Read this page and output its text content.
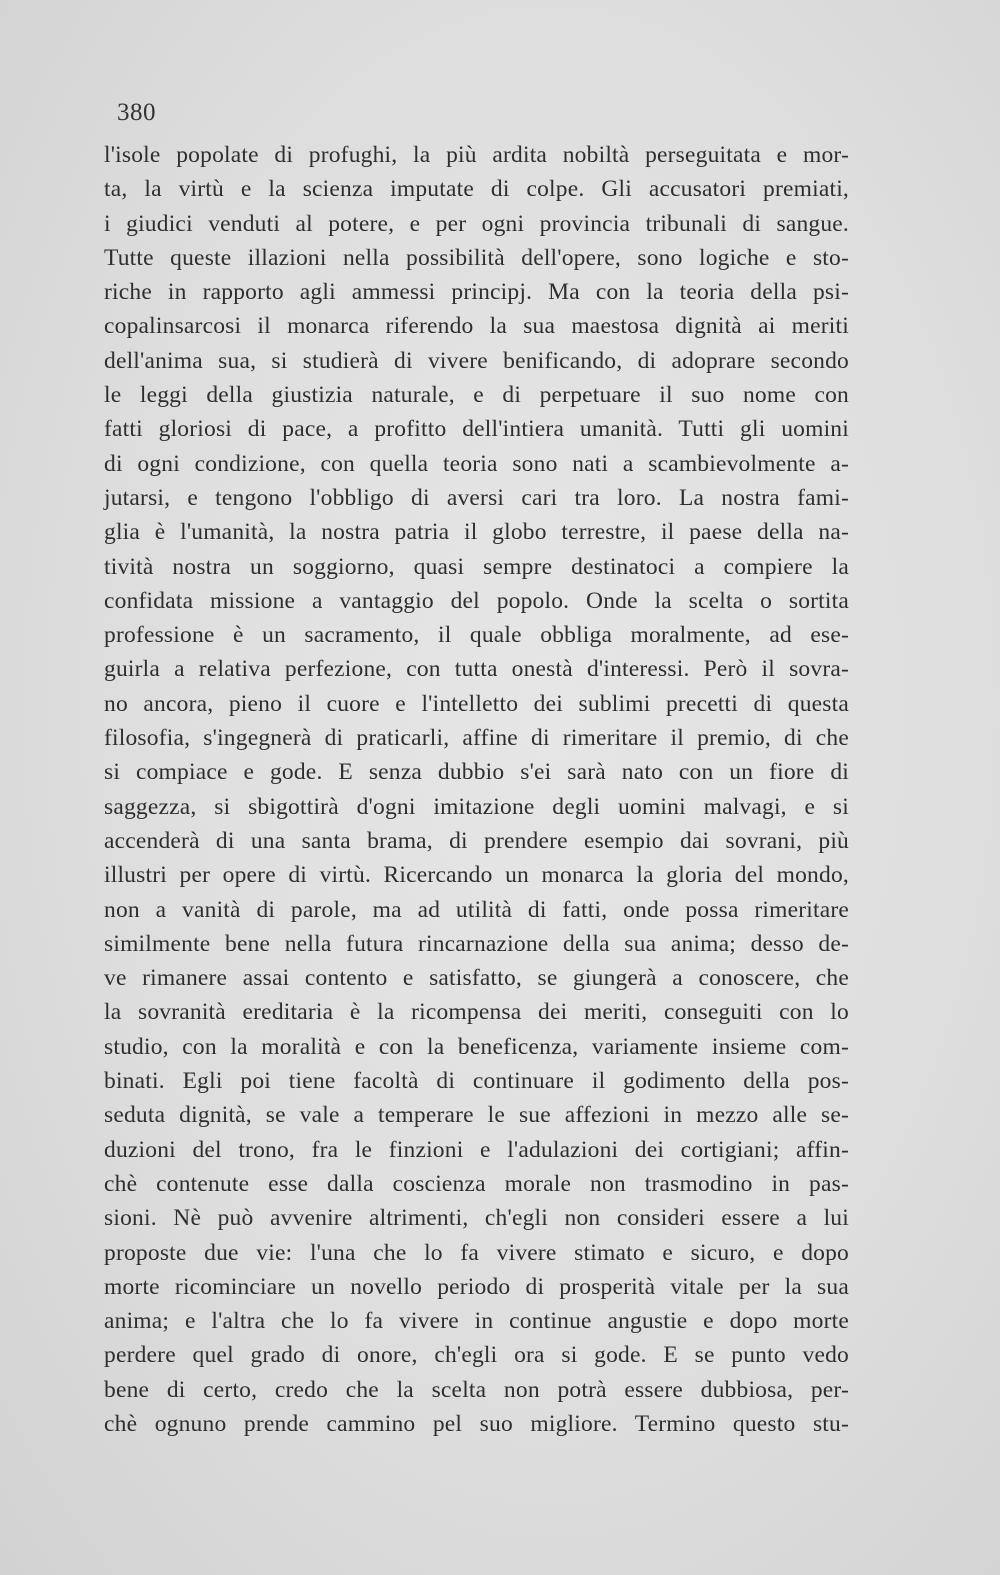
380
l'isole popolate di profughi, la più ardita nobiltà perseguitata e mor-
ta, la virtù e la scienza imputate di colpe. Gli accusatori premiati,
i giudici venduti al potere, e per ogni provincia tribunali di sangue.
Tutte queste illazioni nella possibilità dell'opere, sono logiche e sto-
riche in rapporto agli ammessi principj. Ma con la teoria della psi-
copalinsarcosi il monarca riferendo la sua maestosa dignità ai meriti
dell'anima sua, si studierà di vivere benificando, di adoprare secondo
le leggi della giustizia naturale, e di perpetuare il suo nome con
fatti gloriosi di pace, a profitto dell'intiera umanità. Tutti gli uomini
di ogni condizione, con quella teoria sono nati a scambievolmente a-
jutarsi, e tengono l'obbligo di aversi cari tra loro. La nostra fami-
glia è l'umanità, la nostra patria il globo terrestre, il paese della na-
tività nostra un soggiorno, quasi sempre destinatoci a compiere la
confidata missione a vantaggio del popolo. Onde la scelta o sortita
professione è un sacramento, il quale obbliga moralmente, ad ese-
guirla a relativa perfezione, con tutta onestà d'interessi. Però il sovra-
no ancora, pieno il cuore e l'intelletto dei sublimi precetti di questa
filosofia, s'ingegnerà di praticarli, affine di rimeritare il premio, di che
si compiace e gode. E senza dubbio s'ei sarà nato con un fiore di
saggezza, si sbigottirà d'ogni imitazione degli uomini malvagi, e si
accenderà di una santa brama, di prendere esempio dai sovrani, più
illustri per opere di virtù. Ricercando un monarca la gloria del mondo,
non a vanità di parole, ma ad utilità di fatti, onde possa rimeritare
similmente bene nella futura rincarnazione della sua anima; desso de-
ve rimanere assai contento e satisfatto, se giungerà a conoscere, che
la sovranità ereditaria è la ricompensa dei meriti, conseguiti con lo
studio, con la moralità e con la beneficenza, variamente insieme com-
binati. Egli poi tiene facoltà di continuare il godimento della pos-
seduta dignità, se vale a temperare le sue affezioni in mezzo alle se-
duzioni del trono, fra le finzioni e l'adulazioni dei cortigiani; affin-
chè contenute esse dalla coscienza morale non trasmodino in pas-
sioni. Nè può avvenire altrimenti, ch'egli non consideri essere a lui
proposte due vie: l'una che lo fa vivere stimato e sicuro, e dopo
morte ricominciare un novello periodo di prosperità vitale per la sua
anima; e l'altra che lo fa vivere in continue angustie e dopo morte
perdere quel grado di onore, ch'egli ora si gode. E se punto vedo
bene di certo, credo che la scelta non potrà essere dubbiosa, per-
chè ognuno prende cammino pel suo migliore. Termino questo stu-
